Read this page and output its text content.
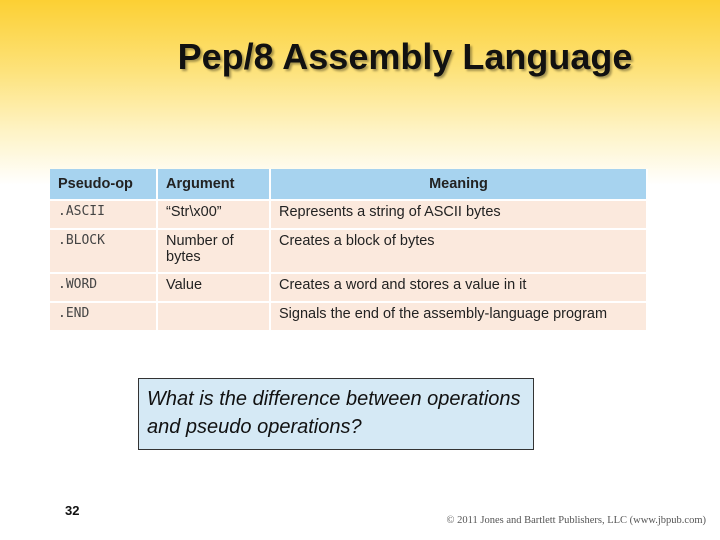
Pep/8 Assembly Language
Pseudo-op	Argument	Meaning
.ASCII	“Str\x00”	Represents a string of ASCII bytes
.BLOCK	Number of bytes	Creates a block of bytes
.WORD	Value	Creates a word and stores a value in it
.END		Signals the end of the assembly-language program
What is the difference between operations and pseudo operations?
32
© 2011 Jones and Bartlett Publishers, LLC (www.jbpub.com)
